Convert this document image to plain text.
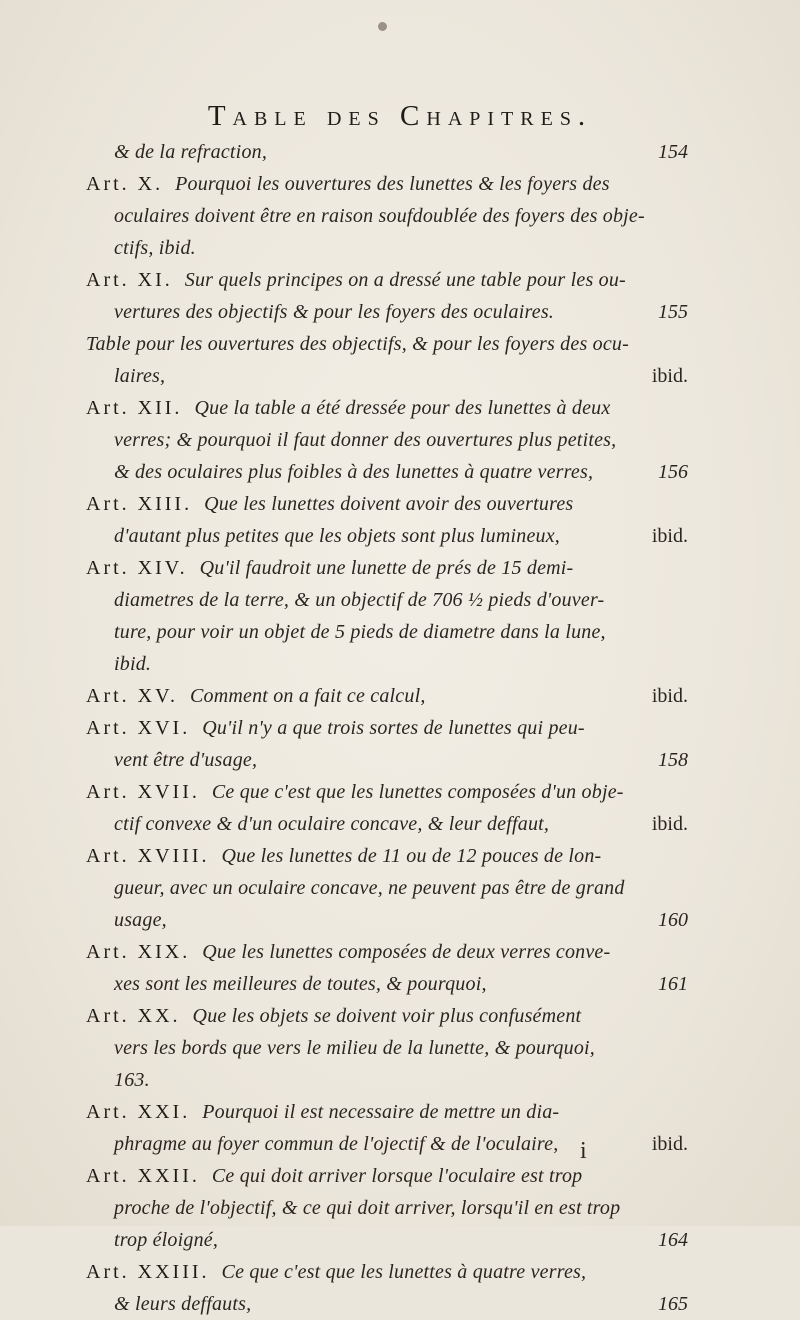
Table des Chapitres.
& de la refraction,	154
Art. X. Pourquoi les ouvertures des lunettes & les foyers des
oculaires doivent être en raison soufdoublée des foyers des obje-
ctifs, ibid.
Art. XI. Sur quels principes on a dressé une table pour les ou-
vertures des objectifs & pour les foyers des oculaires.	155
Table pour les ouvertures des objectifs, & pour les foyers des ocu-
laires,	ibid.
Art. XII. Que la table a été dressée pour des lunettes à deux
verres; & pourquoi il faut donner des ouvertures plus petites,
& des oculaires plus foibles à des lunettes à quatre verres,	156
Art. XIII. Que les lunettes doivent avoir des ouvertures
d'autant plus petites que les objets sont plus lumineux,	ibid.
Art. XIV. Qu'il faudroit une lunette de prés de 15 demi-
diametres de la terre, & un objectif de 706 ½ pieds d'ouver-
ture, pour voir un objet de 5 pieds de diametre dans la lune,
ibid.
Art. XV. Comment on a fait ce calcul,	ibid.
Art. XVI. Qu'il n'y a que trois sortes de lunettes qui peu-
vent être d'usage,	158
Art. XVII. Ce que c'est que les lunettes composées d'un obje-
ctif convexe & d'un oculaire concave, & leur deffaut,	ibid.
Art. XVIII. Que les lunettes de 11 ou de 12 pouces de lon-
gueur, avec un oculaire concave, ne peuvent pas être de grand
usage,	160
Art. XIX. Que les lunettes composées de deux verres conve-
xes sont les meilleures de toutes, & pourquoi,	161
Art. XX. Que les objets se doivent voir plus confusément
vers les bords que vers le milieu de la lunette, & pourquoi,
163.
Art. XXI. Pourquoi il est necessaire de mettre un dia-
phragme au foyer commun de l'ojectif & de l'oculaire,	ibid.
Art. XXII. Ce qui doit arriver lorsque l'oculaire est trop
proche de l'objectif, & ce qui doit arriver, lorsqu'il en est trop
trop éloigné,	164
Art. XXIII. Ce que c'est que les lunettes à quatre verres,
& leurs deffauts,	165
i
